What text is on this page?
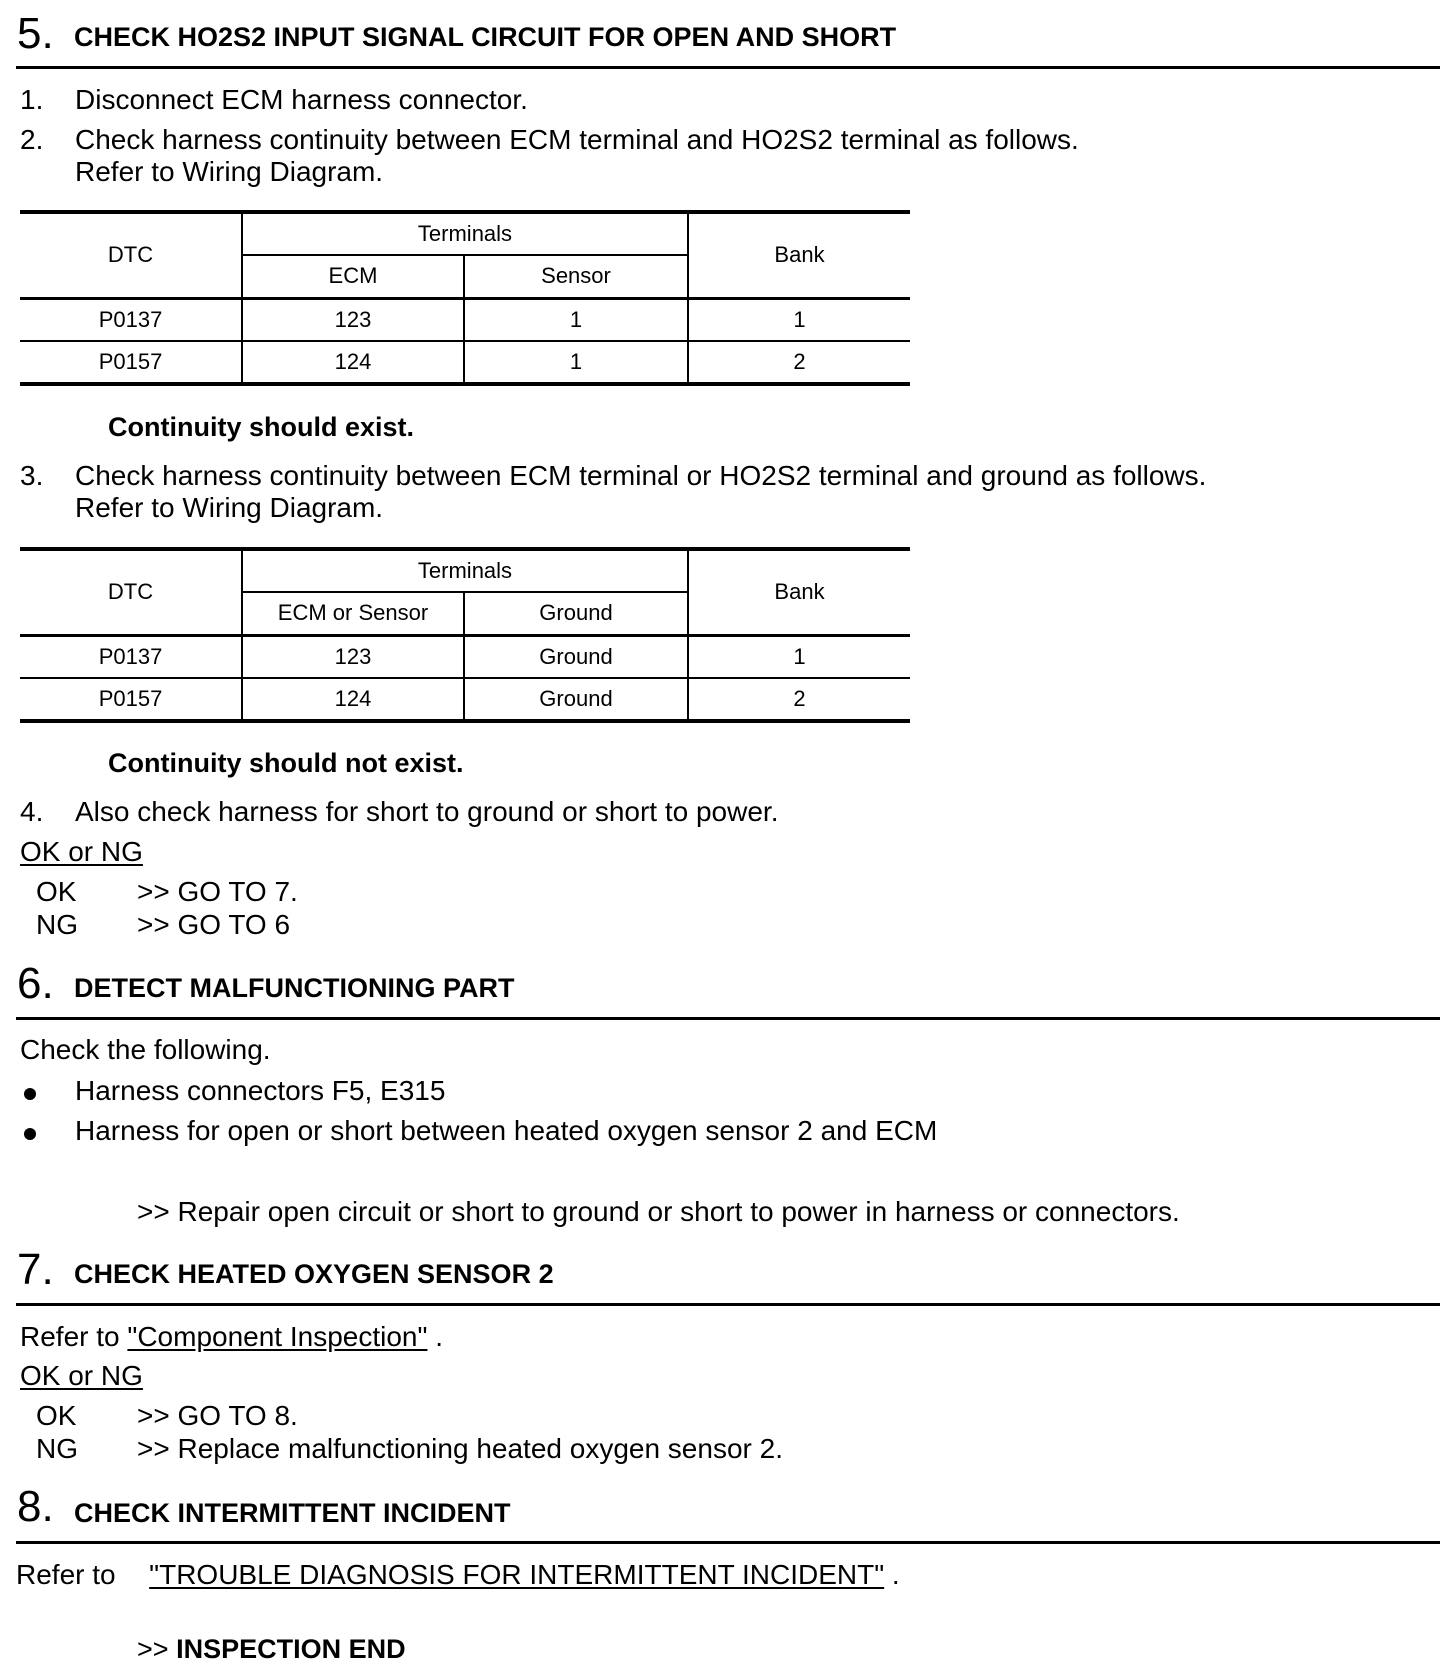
5. CHECK HO2S2 INPUT SIGNAL CIRCUIT FOR OPEN AND SHORT
1. Disconnect ECM harness connector.
2. Check harness continuity between ECM terminal and HO2S2 terminal as follows.
Refer to Wiring Diagram.
DTC	Terminals		Bank
	ECM	Sensor	
P0137	123	1	1
P0157	124	1	2
Continuity should exist.
3. Check harness continuity between ECM terminal or HO2S2 terminal and ground as follows.
Refer to Wiring Diagram.
DTC	Terminals		Bank
	ECM or Sensor	Ground	
P0137	123	Ground	1
P0157	124	Ground	2
Continuity should not exist.
4. Also check harness for short to ground or short to power.
OK or NG
OK >> GO TO 7.
NG >> GO TO 6
6. DETECT MALFUNCTIONING PART
Check the following.
Harness connectors F5, E315
Harness for open or short between heated oxygen sensor 2 and ECM
>> Repair open circuit or short to ground or short to power in harness or connectors.
7. CHECK HEATED OXYGEN SENSOR 2
Refer to "Component Inspection" .
OK or NG
OK >> GO TO 8.
NG >> Replace malfunctioning heated oxygen sensor 2.
8. CHECK INTERMITTENT INCIDENT
Refer to "TROUBLE DIAGNOSIS FOR INTERMITTENT INCIDENT" .
>> INSPECTION END
